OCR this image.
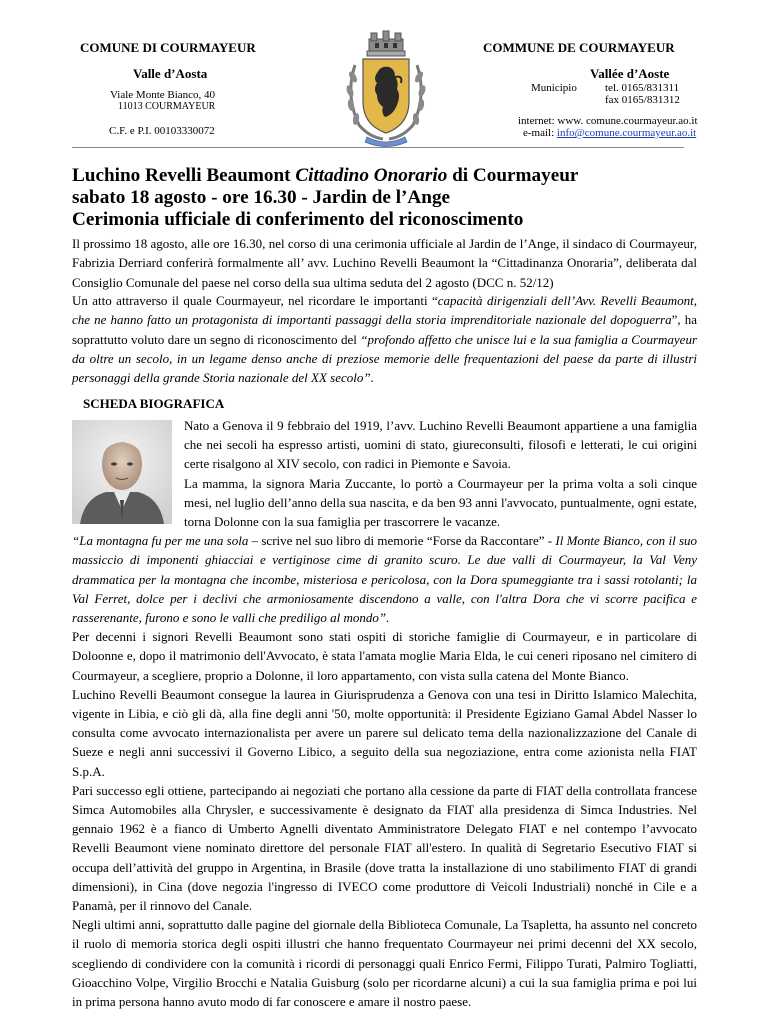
COMUNE DI COURMAYEUR
Valle d’Aosta
Viale Monte Bianco, 40
11013 COURMAYEUR
C.F. e P.I. 00103330072
COMMUNE DE COURMAYEUR
Vallée d’Aoste
Municipio	tel. 0165/831311
fax 0165/831312
internet: www. comune.courmayeur.ao.it
e-mail: info@comune.courmayeur.ao.it
Luchino Revelli Beaumont Cittadino Onorario di Courmayeur
sabato 18 agosto - ore 16.30 - Jardin de l’Ange
Cerimonia ufficiale di conferimento del riconoscimento
Il prossimo 18 agosto, alle ore 16.30, nel corso di una cerimonia ufficiale al Jardin de l’Ange, il sindaco di Courmayeur, Fabrizia Derriard conferirà formalmente all’ avv. Luchino Revelli Beaumont la “Cittadinanza Onoraria”, deliberata dal Consiglio Comunale del paese nel corso della sua ultima seduta del 2 agosto (DCC n. 52/12)
Un atto attraverso il quale Courmayeur, nel ricordare le importanti “capacità dirigenziali dell’Avv. Revelli Beaumont, che ne hanno fatto un protagonista di importanti passaggi della storia imprenditoriale nazionale del dopoguerra”, ha soprattutto voluto dare un segno di riconoscimento del “profondo affetto che unisce lui e la sua famiglia a Courmayeur da oltre un secolo, in un legame denso anche di preziose memorie delle frequentazioni del paese da parte di illustri personaggi della grande Storia nazionale del XX secolo”.
SCHEDA BIOGRAFICA

Nato a Genova il 9 febbraio del 1919, l’avv. Luchino Revelli Beaumont appartiene a una famiglia che nei secoli ha espresso artisti, uomini di stato, giureconsulti, filosofi e letterati, le cui origini certe risalgono al XIV secolo, con radici in Piemonte e Savoia.

La mamma, la signora Maria Zuccante, lo portò a Courmayeur per la prima volta a soli cinque mesi, nel luglio dell’anno della sua nascita, e da ben 93 anni l'avvocato, puntualmente, ogni estate, torna Dolonne con la sua famiglia per trascorrere le vacanze.

“La montagna fu per me una sola – scrive nel suo libro di memorie “Forse da Raccontare” - Il Monte Bianco, con il suo massiccio di imponenti ghiacciai e vertiginose cime di granito scuro. Le due valli di Courmayeur, la Val Veny drammatica per la montagna che incombe, misteriosa e pericolosa, con la Dora spumeggiante tra i sassi rotolanti; la Val Ferret, dolce per i declivi che armoniosamente discendono a valle, con l'altra Dora che vi scorre pacifica e rasserenante, furono e sono le valli che prediligo al mondo”.

Per decenni i signori Revelli Beaumont sono stati ospiti di storiche famiglie di Courmayeur, e in particolare di Doloonne e, dopo il matrimonio dell'Avvocato, è stata l'amata moglie Maria Elda, le cui ceneri riposano nel cimitero di Courmayeur, a scegliere, proprio a Dolonne, il loro appartamento, con vista sulla catena del Monte Bianco.

Luchino Revelli Beaumont consegue la laurea in Giurisprudenza a Genova con una tesi in Diritto Islamico Malechita, vigente in Libia, e ciò gli dà, alla fine degli anni '50, molte opportunità: il Presidente Egiziano Gamal Abdel Nasser lo consulta come avvocato internazionalista per avere un parere sul delicato tema della nazionalizzazione del Canale di Sueze e negli anni successivi il Governo Libico, a seguito della sua negoziazione, entra come azionista nella FIAT S.p.A.

Pari successo egli ottiene, partecipando ai negoziati che portano alla cessione da parte di FIAT della controllata francese Simca Automobiles alla Chrysler, e successivamente è designato da FIAT alla presidenza di Simca Industries. Nel gennaio 1962 è a fianco di Umberto Agnelli diventato Amministratore Delegato FIAT e nel contempo l’avvocato Revelli Beaumont viene nominato direttore del personale FIAT all'estero. In qualità di Segretario Esecutivo FIAT si occupa dell’attività del gruppo in Argentina, in Brasile (dove tratta la installazione di uno stabilimento FIAT di grandi dimensioni), in Cina (dove negozia l'ingresso di IVECO come produttore di Veicoli Industriali) nonché in Cile e a Panamà, per il rinnovo del Canale.

Negli ultimi anni, soprattutto dalle pagine del giornale della Biblioteca Comunale, La Tsapletta, ha assunto nel concreto il ruolo di memoria storica degli ospiti illustri che hanno frequentato Courmayeur nei primi decenni del XX secolo, scegliendo di condividere con la comunità i ricordi di personaggi quali Enrico Fermi, Filippo Turati, Palmiro Togliatti, Gioacchino Volpe, Virgilio Brocchi e Natalia Guisburg (solo per ricordarne alcuni) a cui la sua famiglia prima e poi lui in prima persona hanno avuto modo di far conoscere e amare il nostro paese.
